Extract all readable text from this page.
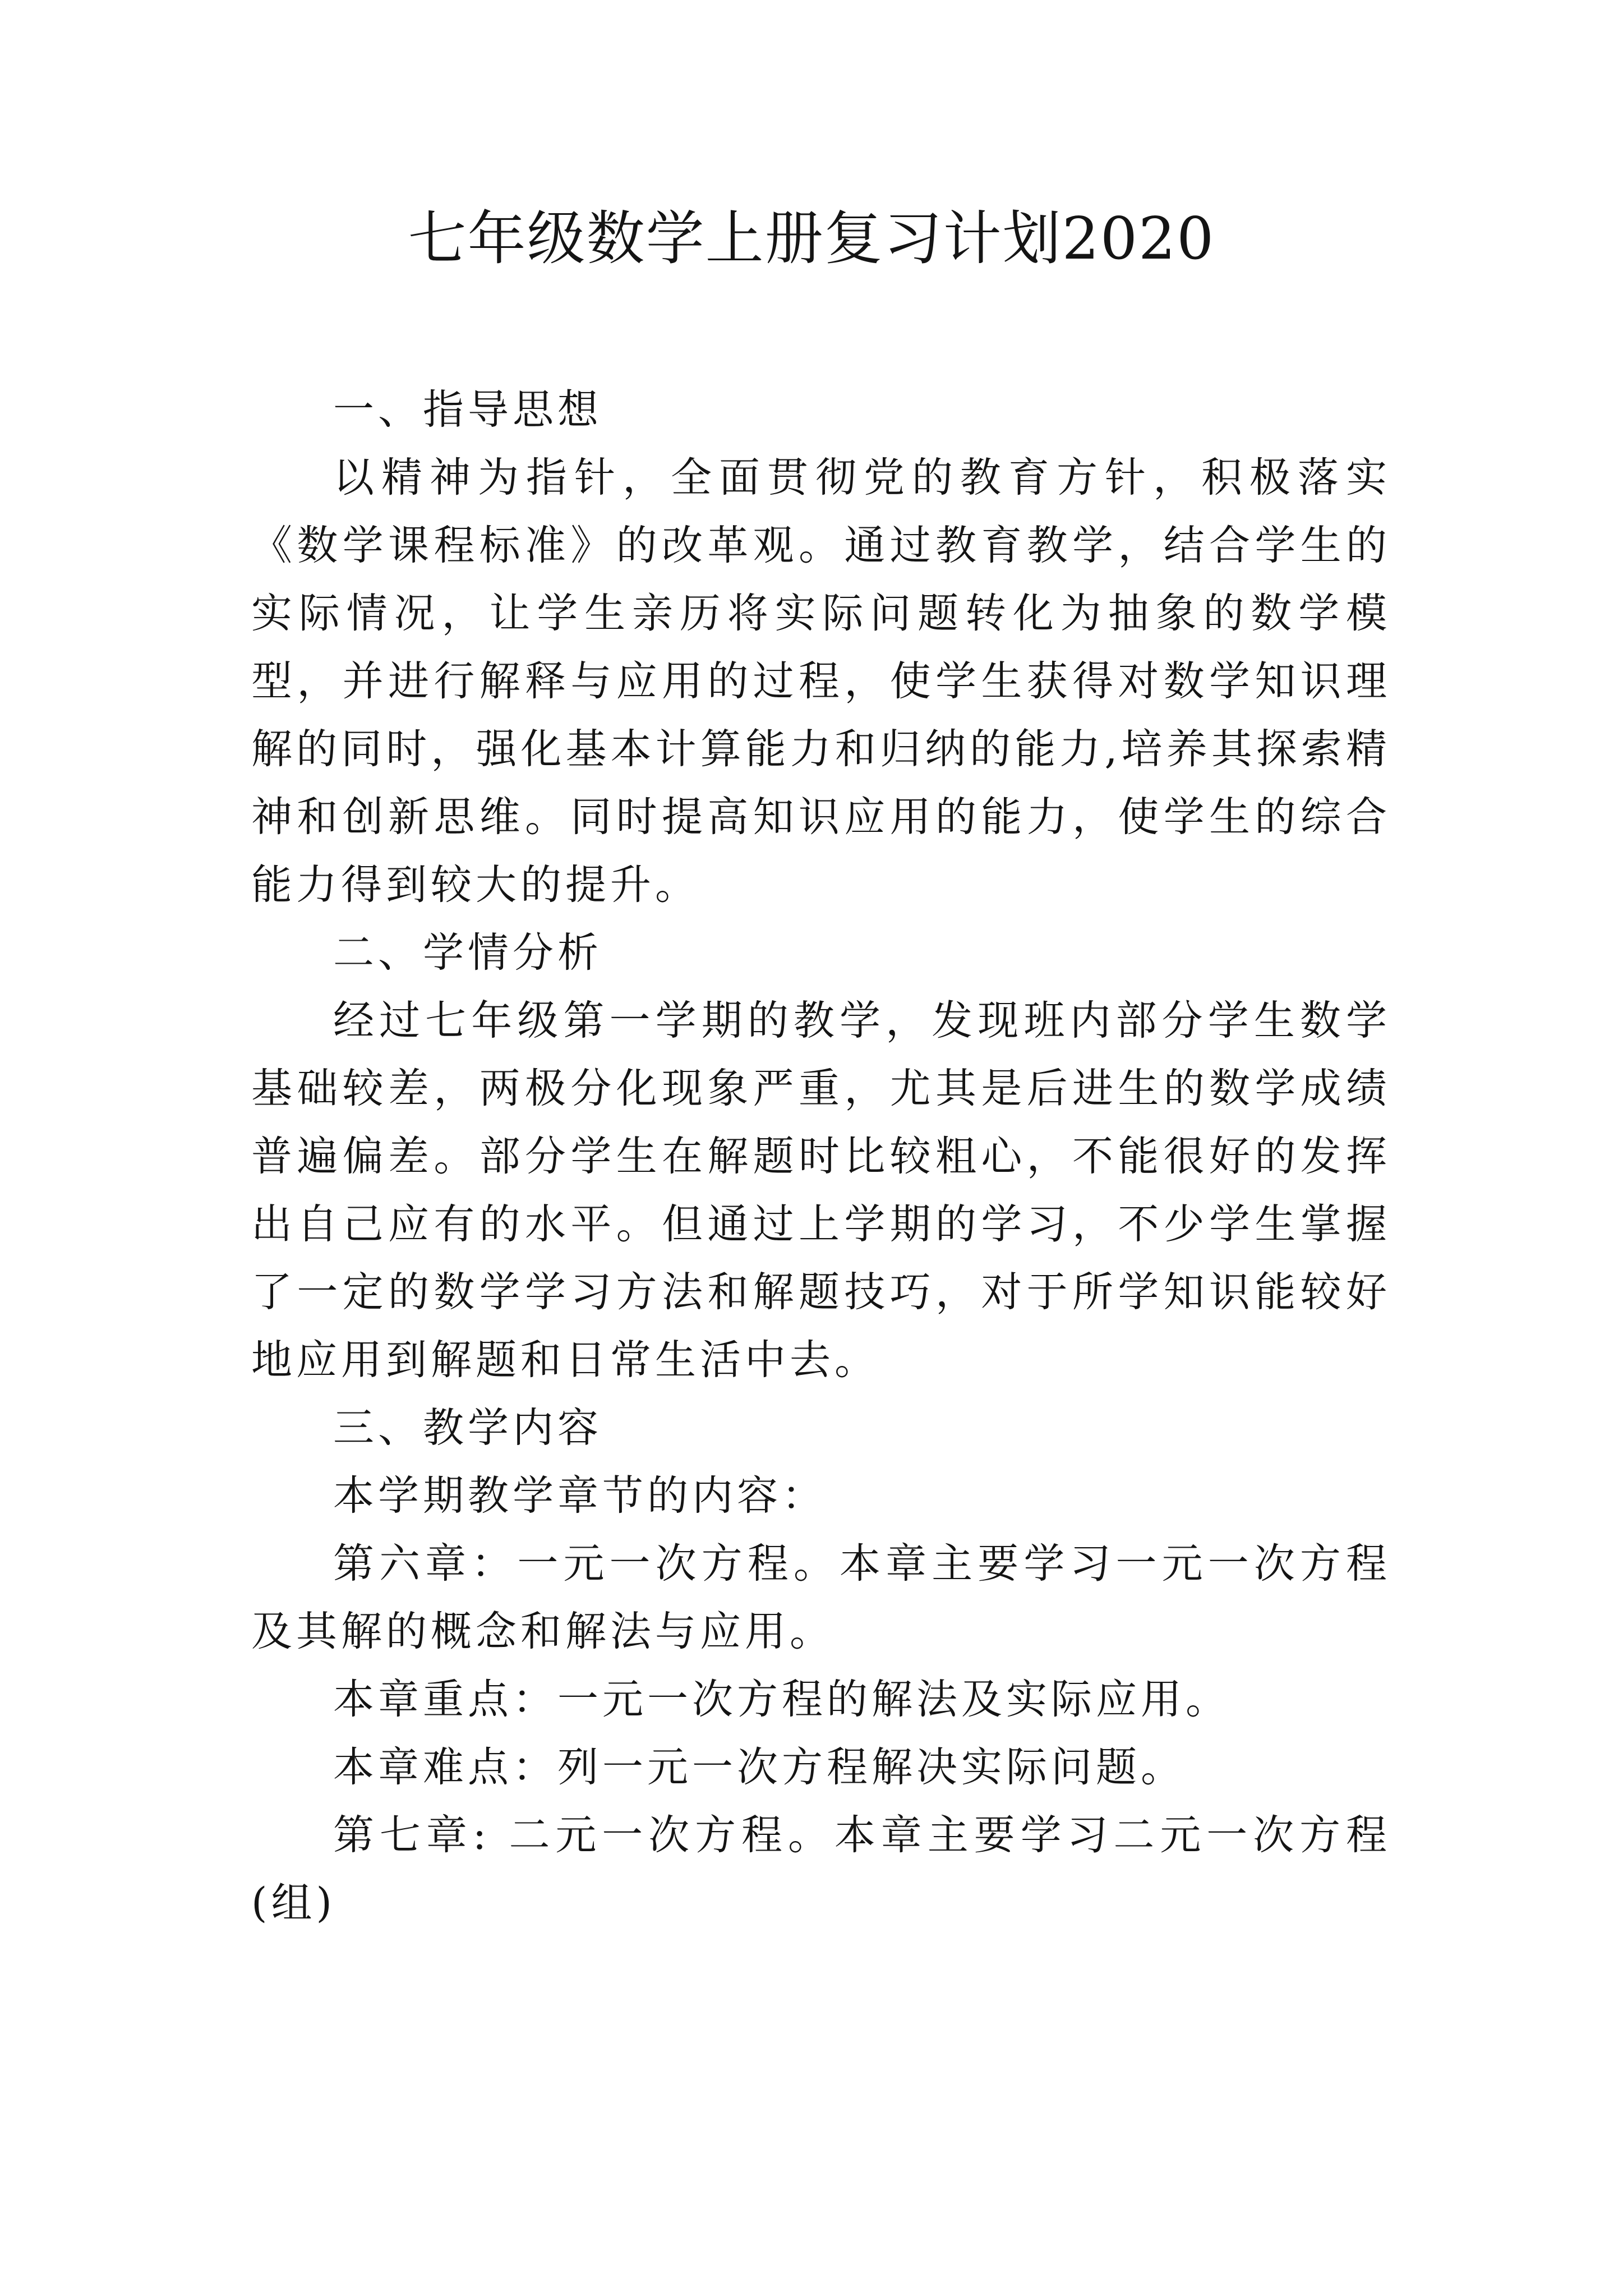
七年级数学上册复习计划2020

一、指导思想

以精神为指针，全面贯彻党的教育方针，积极落实《数学课程标准》的改革观。通过教育教学，结合学生的实际情况，让学生亲历将实际问题转化为抽象的数学模型，并进行解释与应用的过程，使学生获得对数学知识理解的同时，强化基本计算能力和归纳的能力,培养其探索精神和创新思维。同时提高知识应用的能力，使学生的综合能力得到较大的提升。

二、学情分析

经过七年级第一学期的教学，发现班内部分学生数学基础较差，两极分化现象严重，尤其是后进生的数学成绩普遍偏差。部分学生在解题时比较粗心，不能很好的发挥出自己应有的水平。但通过上学期的学习，不少学生掌握了一定的数学学习方法和解题技巧，对于所学知识能较好地应用到解题和日常生活中去。

三、教学内容

本学期教学章节的内容：

第六章：一元一次方程。本章主要学习一元一次方程及其解的概念和解法与应用。

本章重点：一元一次方程的解法及实际应用。

本章难点：列一元一次方程解决实际问题。

第七章: 二元一次方程。本章主要学习二元一次方程(组)
